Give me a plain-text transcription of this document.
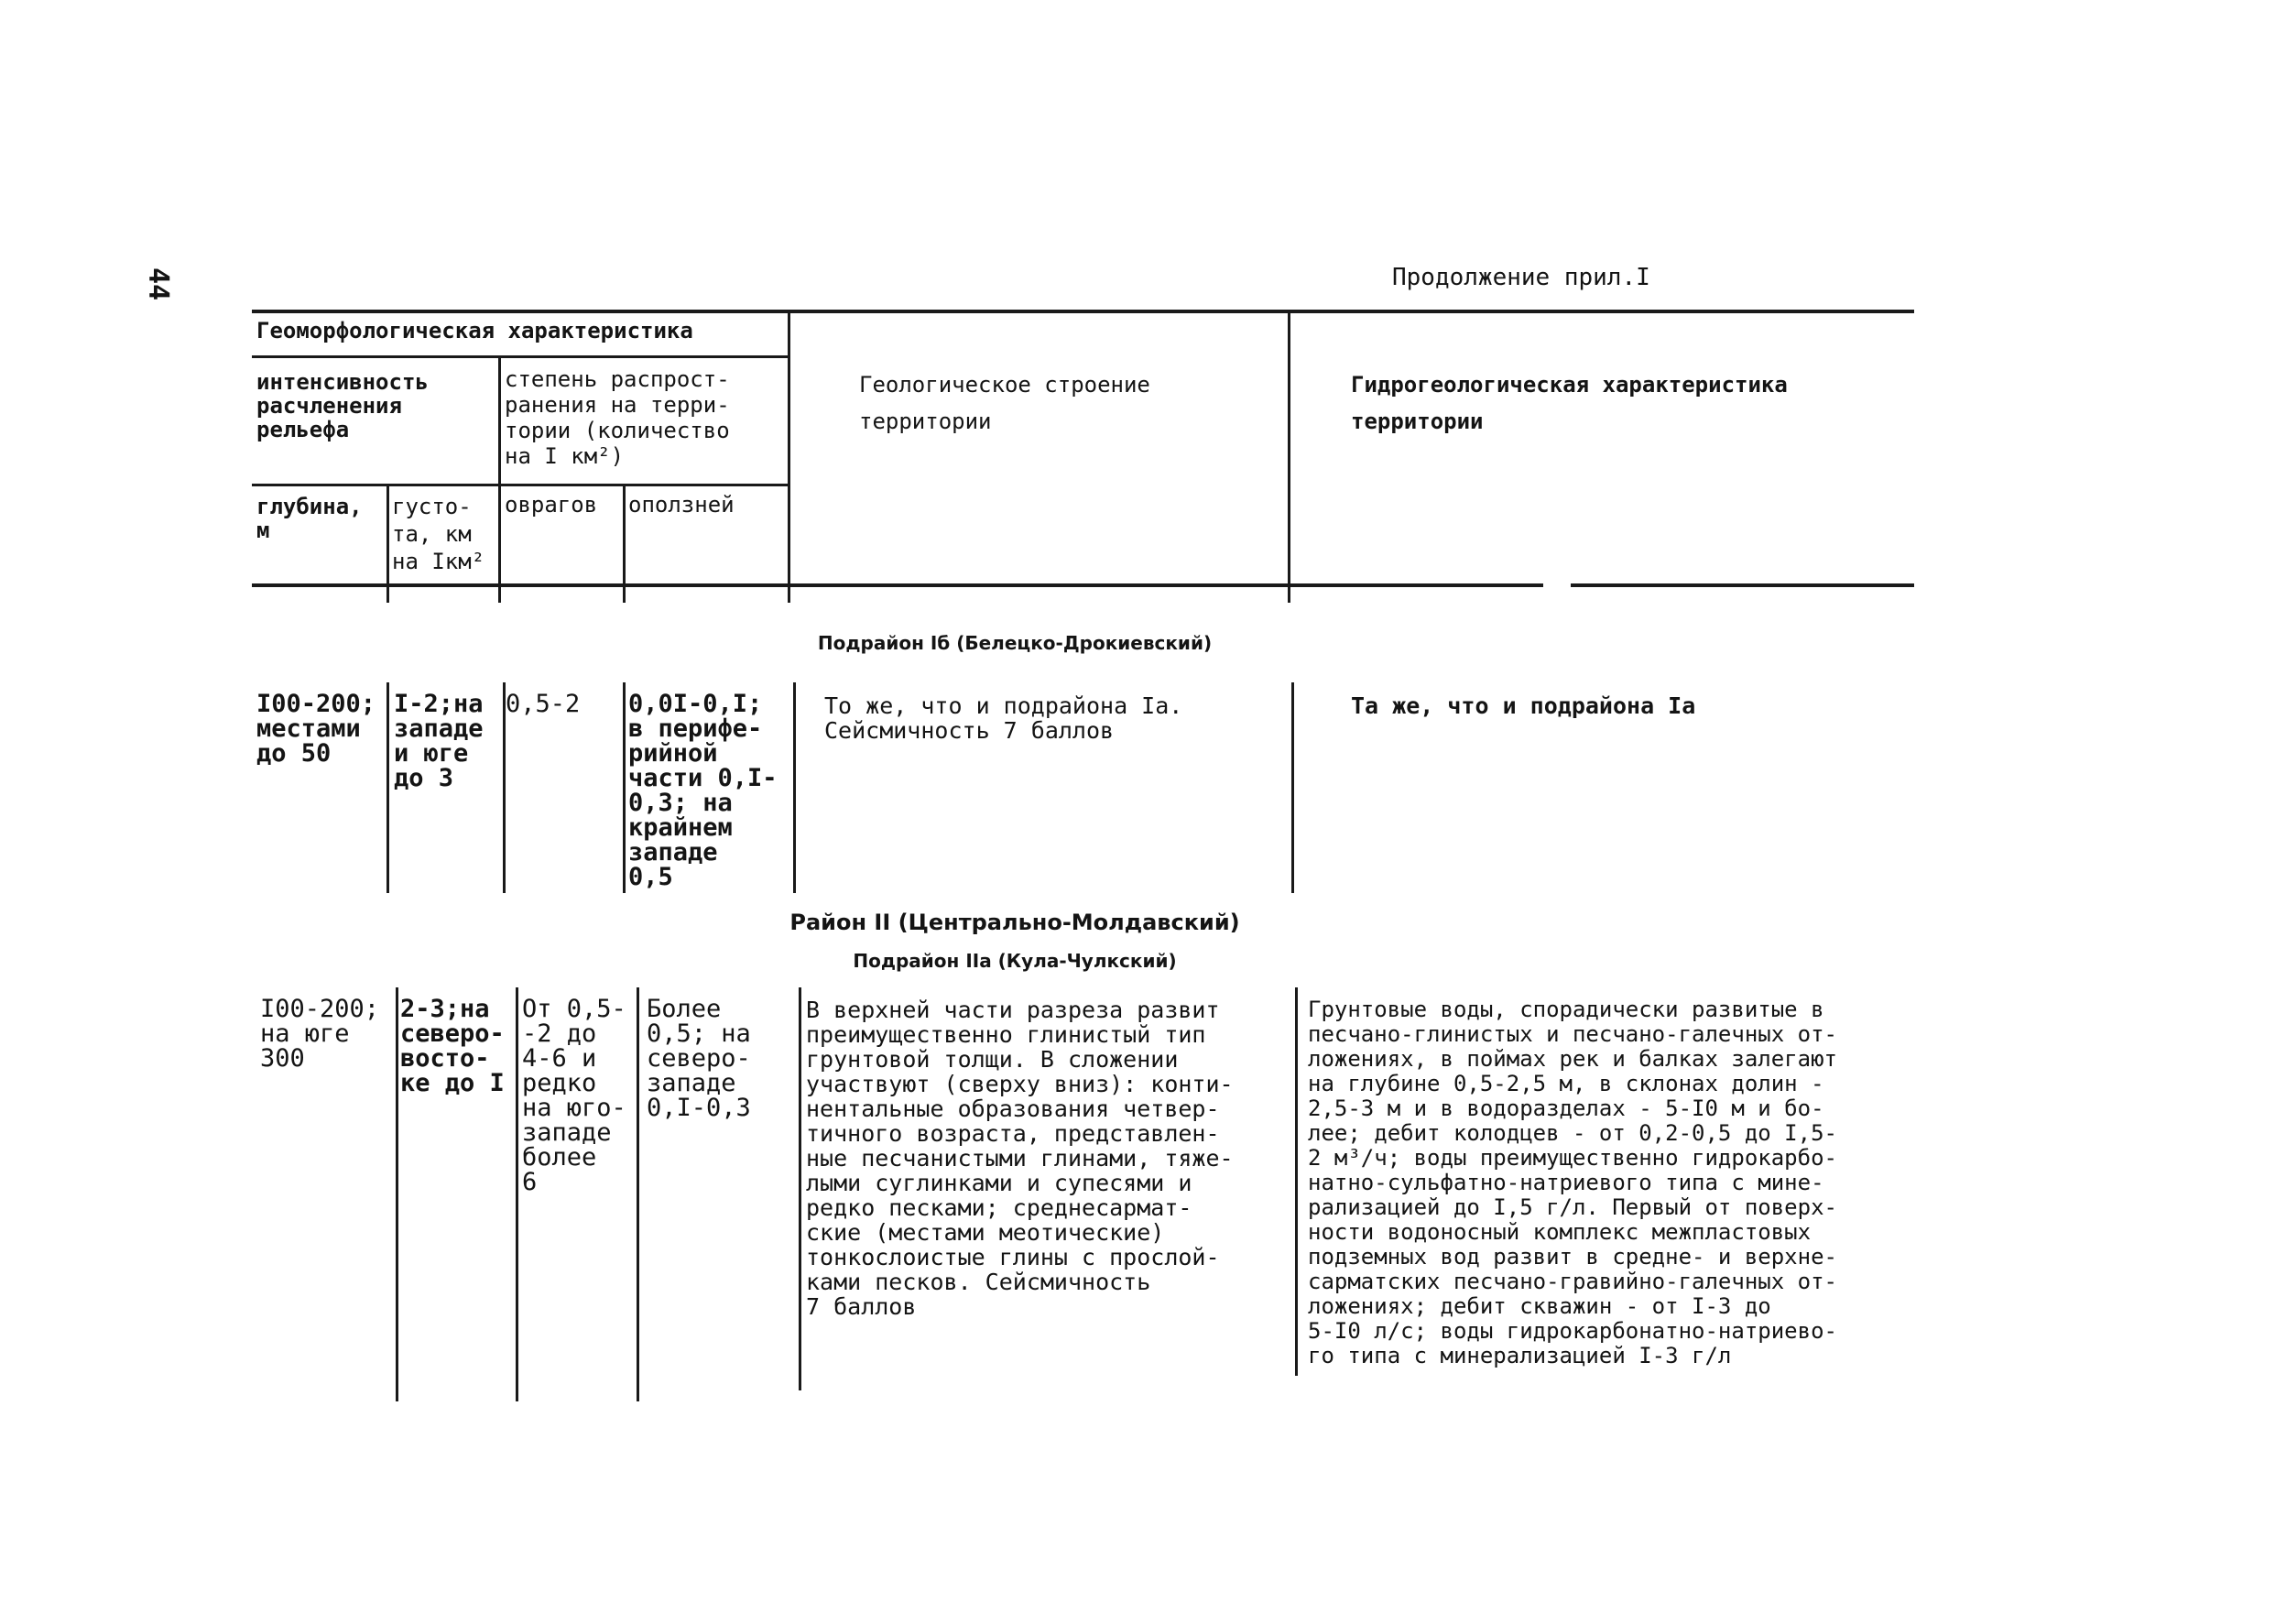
44	Продолжение прил.I
Геоморфологическая характеристика
интенсивность
расчленения
рельефа
степень распрост-
ранения на терри-
тории (количество
на I км²)
глубина,
м
густо-
та, км
на Iкм²
оврагов оползней
Геологическое строение
территории
Гидрогеологическая характеристика
территории
Подрайон Iб (Белецко-Дрокиевский)
I00-200;
местами
до 50
I-2;на
западе
и юге
до 3
0,5-2 0,0I-0,I;
в перифе-
рийной
части 0,I-
0,3; на
крайнем
западе
0,5
То же, что и подрайона Ia.
Сейсмичность 7 баллов
Та же, что и подрайона Ia
Район II (Центрально-Молдавский)
Подрайон IIа (Кула-Чулкский)
I00-200;
на юге
300
2-3;на
северо-
восто-
ке до I
От 0,5-
-2 до
4-6 и
редко
на юго-
западе
более
6
Более
0,5; на
северо-
западе
0,I-0,3
В верхней части разреза развит
преимущественно глинистый тип
грунтовой толщи. В сложении
участвуют (сверху вниз): конти-
нентальные образования четвер-
тичного возраста, представлен-
ные песчанистыми глинами, тяже-
лыми суглинками и супесями и
редко песками; среднесармат-
ские (местами меотические)
тонкослоистые глины с прослой-
ками песков. Сейсмичность
7 баллов
Грунтовые воды, спорадически развитые в
песчано-глинистых и песчано-галечных от-
ложениях, в поймах рек и балках залегают
на глубине 0,5-2,5 м, в склонах долин -
2,5-3 м и в водоразделах - 5-I0 м и бо-
лее; дебит колодцев - от 0,2-0,5 до I,5-
2 м³/ч; воды преимущественно гидрокарбо-
натно-сульфатно-натриевого типа с мине-
рализацией до I,5 г/л. Первый от поверх-
ности водоносный комплекс межпластовых
подземных вод развит в средне- и верхне-
сарматских песчано-гравийно-галечных от-
ложениях; дебит скважин - от I-3 до
5-I0 л/с; воды гидрокарбонатно-натриево-
го типа с минерализацией I-3 г/л
